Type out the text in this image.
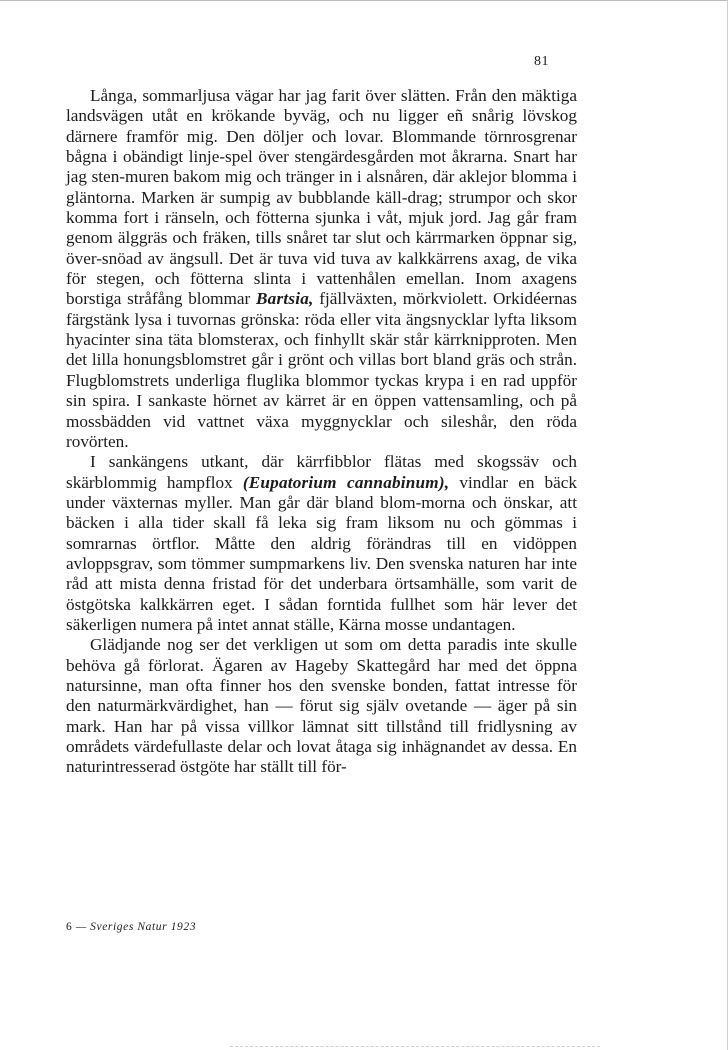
81

Långa, sommarljusa vägar har jag farit över slätten. Från den mäktiga landsvägen utåt en krökande byväg, och nu ligger eñ snårig lövskog därnere framför mig. Den döljer och lovar. Blommande törnrosgrenar bågna i obändigt linje-spel över stengärdesgården mot åkrarna. Snart har jag sten-muren bakom mig och tränger in i alsnåren, där aklejor blomma i gläntorna. Marken är sumpig av bubblande käll-drag; strumpor och skor komma fort i ränseln, och fötterna sjunka i våt, mjuk jord. Jag går fram genom älggräs och fräken, tills snåret tar slut och kärrmarken öppnar sig, över-snöad av ängsull. Det är tuva vid tuva av kalkkärrens axag, de vika för stegen, och fötterna slinta i vattenhålen emellan. Inom axagens borstiga stråfång blommar Bartsia, fjällväxten, mörkviolett. Orkidéernas färgstänk lysa i tuvornas grönska: röda eller vita ängsnycklar lyfta liksom hyacinter sina täta blomsterax, och finhyllt skär står kärrknipproten. Men det lilla honungsblomstret går i grönt och villas bort bland gräs och strån. Flugblomstrets underliga fluglika blommor tyckas krypa i en rad uppför sin spira. I sankaste hörnet av kärret är en öppen vattensamling, och på mossbädden vid vattnet växa myggnycklar och sileshår, den röda rovörten.

I sankängens utkant, där kärrfibblor flätas med skogssäv och skärblommig hampflox (Eupatorium cannabinum), vindlar en bäck under växternas myller. Man går där bland blom-morna och önskar, att bäcken i alla tider skall få leka sig fram liksom nu och gömmas i somrarnas örtflor. Måtte den aldrig förändras till en vidöppen avloppsgrav, som tömmer sumpmarkens liv. Den svenska naturen har inte råd att mista denna fristad för det underbara örtsamhälle, som varit de östgötska kalkkärren eget. I sådan forntida fullhet som här lever det säkerligen numera på intet annat ställe, Kärna mosse undantagen.

Glädjande nog ser det verkligen ut som om detta paradis inte skulle behöva gå förlorat. Ägaren av Hageby Skattegård har med det öppna natursinne, man ofta finner hos den svenske bonden, fattat intresse för den naturmärkvärdighet, han — förut sig själv ovetande — äger på sin mark. Han har på vissa villkor lämnat sitt tillstånd till fridlysning av områdets värdefullaste delar och lovat åtaga sig inhägnandet av dessa. En naturintresserad östgöte har ställt till för-

6 — Sveriges Natur 1923
